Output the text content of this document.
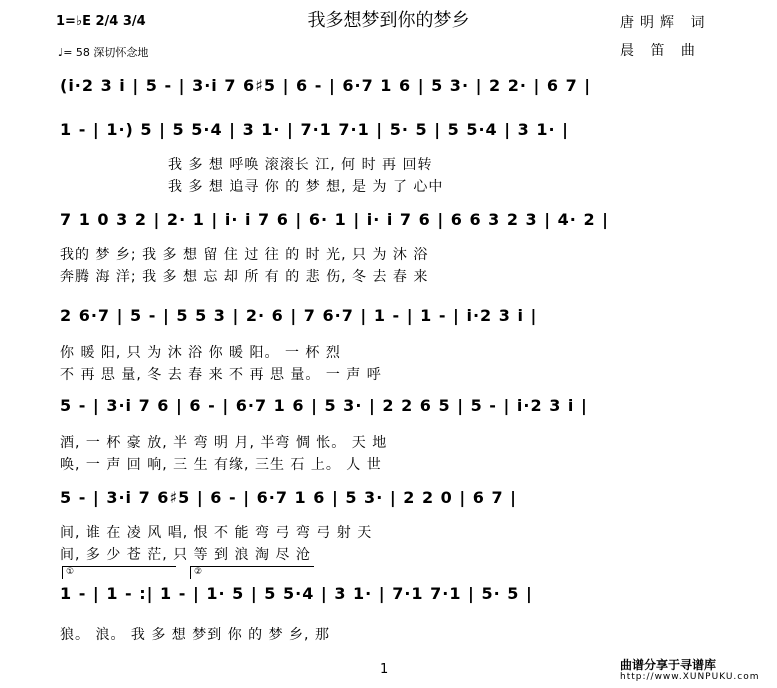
我多想梦到你的梦乡
1=♭E 2/4 3/4
♩= 58 深切怀念地
唐明辉 词
晨 笛 曲
(i·2 3 i | 5 - | 3·i 7 6♯5 | 6 - | 6·7 1 6 | 5 3· | 2 2· | 6 7 |
1 - | 1·) 5 | 5 5·4 | 3 1· | 7·1 7·1 | 5· 5 | 5 5·4 | 3 1· |
我 多 想 呼唤 滚滚长 江, 何 时 再 回转
我 多 想 追寻 你 的 梦 想, 是 为 了 心中
7 1 0 3 2 | 2· 1 | i· i 7 6 | 6· 1 | i· i 7 6 | 6 6 3 2 3 | 4· 2 |
我的 梦 乡; 我 多 想 留 住 过 往 的 时 光, 只 为 沐 浴
奔腾 海 洋; 我 多 想 忘 却 所 有 的 悲 伤, 冬 去 春 来
2 6·7 | 5 - | 5 5 3 | 2· 6 | 7 6·7 | 1 - | 1 - | i·2 3 i |
你 暖 阳, 只 为 沐 浴 你 暖 阳。 一 杯 烈
不 再 思 量, 冬 去 春 来 不 再 思 量。 一 声 呼
5 - | 3·i 7 6 | 6 - | 6·7 1 6 | 5 3· | 2 2 6 5 | 5 - | i·2 3 i |
酒, 一 杯 豪 放, 半 弯 明 月, 半弯 惆 怅。 天 地
唤, 一 声 回 响, 三 生 有缘, 三生 石 上。 人 世
5 - | 3·i 7 6♯5 | 6 - | 6·7 1 6 | 5 3· | 2 2 0 | 6 7 |
间, 谁 在 凌 风 唱, 恨 不 能 弯 弓 弯 弓 射 天
间, 多 少 苍 茫, 只 等 到 浪 淘 尽 沧
①	②
1 - | 1 - :| 1 - | 1· 5 | 5 5·4 | 3 1· | 7·1 7·1 | 5· 5 |
狼。 浪。 我 多 想 梦到 你 的 梦 乡, 那
1	曲谱分享于寻谱库
http://www.XUNPUKU.com
